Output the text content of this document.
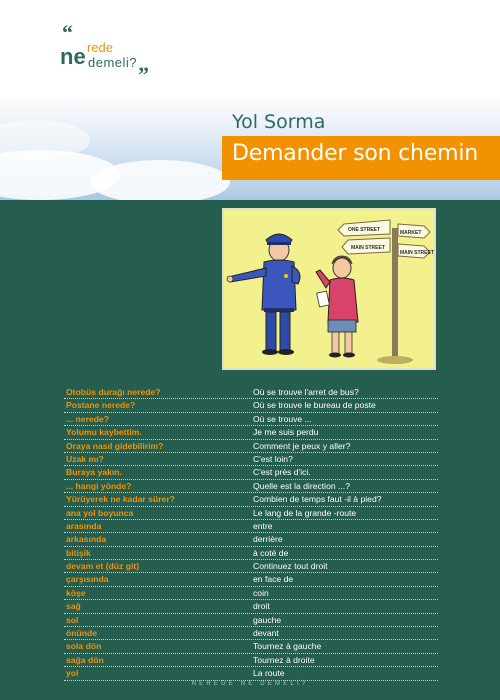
“
ne rede
demeli? ”
Yol Sorma
Demander son chemin
ONE STREET	MARKET
MAIN STREET
MAIN STREET
Otobüs durağı nerede?	Où se trouve l'arret de bus?
Postane nerede?	Où se trouve le bureau de poste
... nerede?	Où se trouve ...
Yolumu kaybettim.	Je me suis perdu
Oraya nasıl gidebilirim?	Comment je peux y aller?
Uzak mı?	C'est loin?
Buraya yakın.	C'est près d'ici.
... hangi yönde?	Quelle est la direction ...?
Yürüyerek ne kadar sürer?	Combien de temps faut -il à pied?
ana yol boyunca	Le lang de la grande -route
arasında	entre
arkasında	derrière
bitişik	à coté de
devam et (düz git)	Continuez tout droit
çarşısında	en face de
köşe	coin
sağ	droit
sol	gauche
önünde	devant
sola dön	Tournez à gauche
sağa dön	Tournez à droite
yol	La route
NEREDE NE DEMELİ?
